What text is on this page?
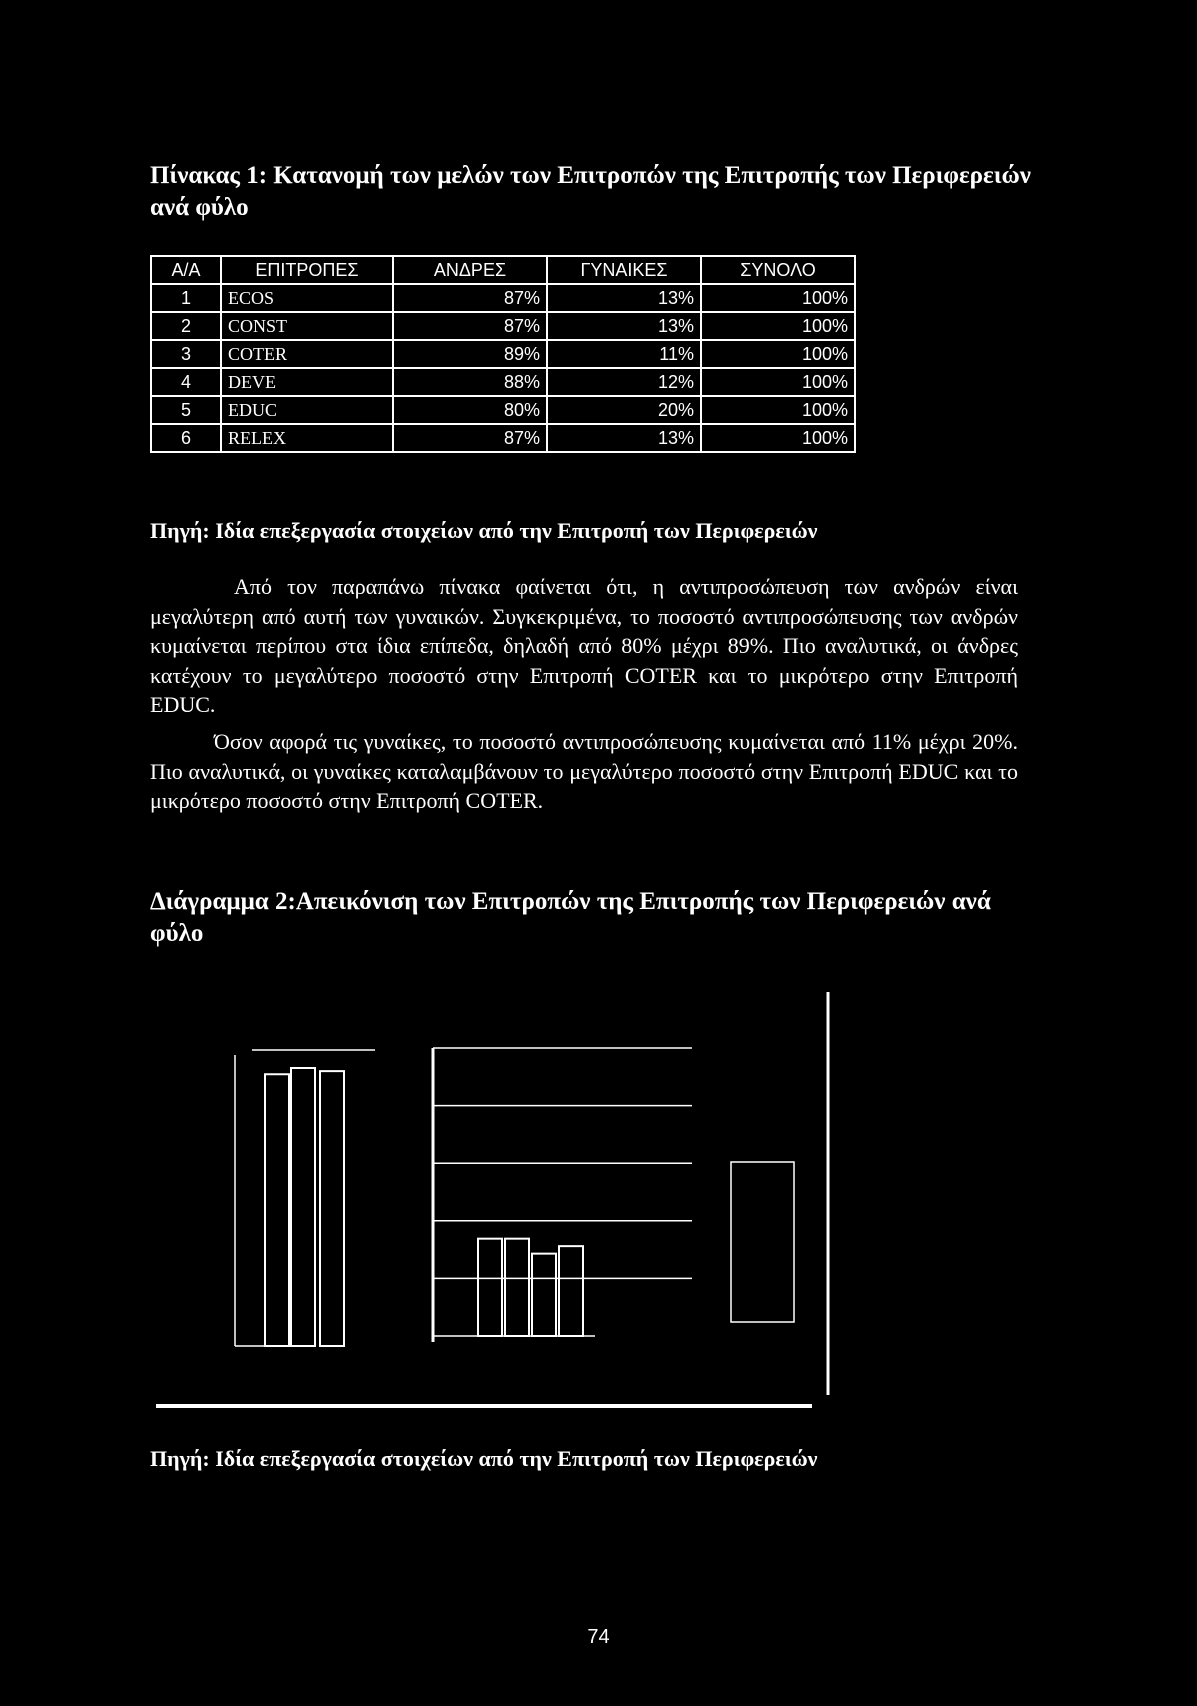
Πίνακας 1: Κατανομή των μελών των Επιτροπών της Επιτροπής των Περιφερειών ανά φύλο
Α/Α	ΕΠΙΤΡΟΠΕΣ	ΑΝΔΡΕΣ	ΓΥΝΑΙΚΕΣ	ΣΥΝΟΛΟ
1	ECOS	87%	13%	100%
2	CONST	87%	13%	100%
3	COTER	89%	11%	100%
4	DEVE	88%	12%	100%
5	EDUC	80%	20%	100%
6	RELEX	87%	13%	100%
Πηγή: Ιδία επεξεργασία στοιχείων από την Επιτροπή των Περιφερειών

Από τον παραπάνω πίνακα φαίνεται ότι, η αντιπροσώπευση των ανδρών είναι μεγαλύτερη από αυτή των γυναικών. Συγκεκριμένα, το ποσοστό αντιπροσώπευσης των ανδρών κυμαίνεται περίπου στα ίδια επίπεδα, δηλαδή από 80% μέχρι 89%. Πιο αναλυτικά, οι άνδρες κατέχουν το μεγαλύτερο ποσοστό στην Επιτροπή COTER και το μικρότερο στην Επιτροπή EDUC.

Όσον αφορά τις γυναίκες, το ποσοστό αντιπροσώπευσης κυμαίνεται από 11% μέχρι 20%. Πιο αναλυτικά, οι γυναίκες καταλαμβάνουν το μεγαλύτερο ποσοστό στην Επιτροπή EDUC και το μικρότερο ποσοστό στην Επιτροπή COTER.

Διάγραμμα 2:Απεικόνιση των Επιτροπών της Επιτροπής των Περιφερειών ανά φύλο
Πηγή: Ιδία επεξεργασία στοιχείων από την Επιτροπή των Περιφερειών
74
